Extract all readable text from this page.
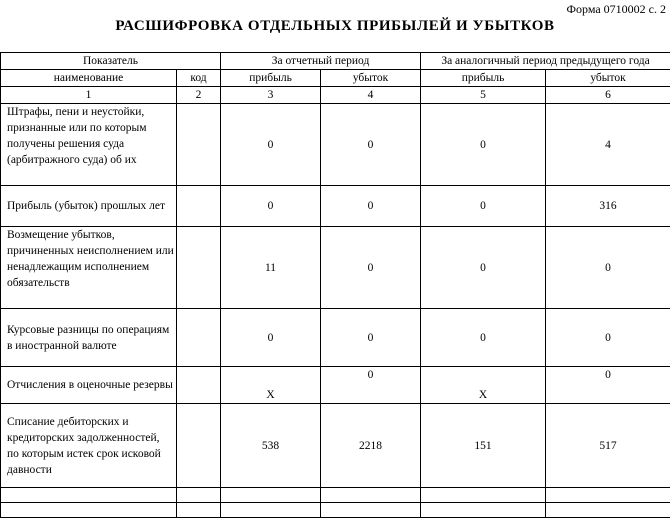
Форма 0710002 с. 2
РАСШИФРОВКА ОТДЕЛЬНЫХ ПРИБЫЛЕЙ И УБЫТКОВ
Показатель		За отчетный период		За аналогичный период предыдущего года	
наименование	код	прибыль	убыток	прибыль	убыток
1	2	3	4	5	6
Штрафы, пени и неустойки, признанные или по которым получены решения суда (арбитражного суда) об их		0	0	0	4
Прибыль (убыток) прошлых лет		0	0	0	316
Возмещение убытков, причиненных неисполнением или ненадлежащим исполнением обязательств		11	0	0	0
Курсовые разницы по операциям в иностранной валюте		0	0	0	0
Отчисления в оценочные резервы		Х	0	Х	0
Списание дебиторских и кредиторских задолженностей, по которым истек срок исковой давности		538	2218	151	517
